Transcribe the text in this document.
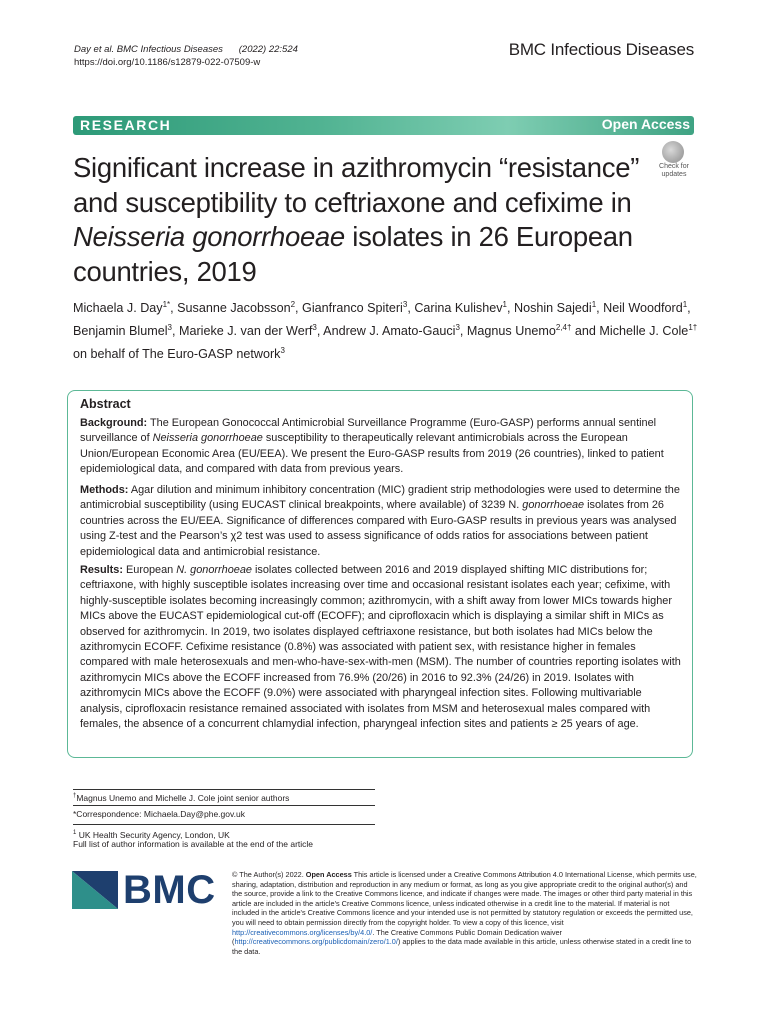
Day et al. BMC Infectious Diseases (2022) 22:524
https://doi.org/10.1186/s12879-022-07509-w
BMC Infectious Diseases
RESEARCH	Open Access
Significant increase in azithromycin “resistance” and susceptibility to ceftriaxone and cefixime in Neisseria gonorrhoeae isolates in 26 European countries, 2019
Check for
updates
Michaela J. Day$^{1*}$, Susanne Jacobsson$^2$, Gianfranco Spiteri$^3$, Carina Kulishev$^1$, Noshin Sajedi$^1$, Neil Woodford$^1$, Benjamin Blumel$^3$, Marieke J. van der Werf$^3$, Andrew J. Amato-Gauci$^3$, Magnus Unemo$^{2,4\dagger}$ and Michelle J. Cole$^{1\dagger}$ on behalf of The Euro-GASP network$^3$
Abstract
Background: The European Gonococcal Antimicrobial Surveillance Programme (Euro-GASP) performs annual sentinel surveillance of Neisseria gonorrhoeae susceptibility to therapeutically relevant antimicrobials across the European Union/European Economic Area (EU/EEA). We present the Euro-GASP results from 2019 (26 countries), linked to patient epidemiological data, and compared with data from previous years.
Methods: Agar dilution and minimum inhibitory concentration (MIC) gradient strip methodologies were used to determine the antimicrobial susceptibility (using EUCAST clinical breakpoints, where available) of 3239 N. gonorrhoeae isolates from 26 countries across the EU/EEA. Significance of differences compared with Euro-GASP results in previous years was analysed using Z-test and the Pearson’s χ2 test was used to assess significance of odds ratios for associations between patient epidemiological data and antimicrobial resistance.
Results: European N. gonorrhoeae isolates collected between 2016 and 2019 displayed shifting MIC distributions for; ceftriaxone, with highly susceptible isolates increasing over time and occasional resistant isolates each year; cefixime, with highly-susceptible isolates becoming increasingly common; azithromycin, with a shift away from lower MICs towards higher MICs above the EUCAST epidemiological cut-off (ECOFF); and ciprofloxacin which is displaying a similar shift in MICs as observed for azithromycin. In 2019, two isolates displayed ceftriaxone resistance, but both isolates had MICs below the azithromycin ECOFF. Cefixime resistance (0.8%) was associated with patient sex, with resistance higher in females compared with male heterosexuals and men-who-have-sex-with-men (MSM). The number of countries reporting isolates with azithromycin MICs above the ECOFF increased from 76.9% (20/26) in 2016 to 92.3% (24/26) in 2019. Isolates with azithromycin MICs above the ECOFF (9.0%) were associated with pharyngeal infection sites. Following multivariable analysis, ciprofloxacin resistance remained associated with isolates from MSM and heterosexual males compared with females, the absence of a concurrent chlamydial infection, pharyngeal infection sites and patients ≥ 25 years of age.
†Magnus Unemo and Michelle J. Cole joint senior authors
*Correspondence: Michaela.Day@phe.gov.uk
$^1$ UK Health Security Agency, London, UK
Full list of author information is available at the end of the article
BMC © The Author(s) 2022. Open Access This article is licensed under a Creative Commons Attribution 4.0 International License, which permits use, sharing, adaptation, distribution and reproduction in any medium or format, as long as you give appropriate credit to the original author(s) and the source, provide a link to the Creative Commons licence, and indicate if changes were made. The images or other third party material in this article are included in the article's Creative Commons licence, unless indicated otherwise in a credit line to the material. If material is not included in the article's Creative Commons licence and your intended use is not permitted by statutory regulation or exceeds the permitted use, you will need to obtain permission directly from the copyright holder. To view a copy of this licence, visit http://creativecommons.org/licenses/by/4.0/. The Creative Commons Public Domain Dedication waiver (http://creativecommons.org/publicdomain/zero/1.0/) applies to the data made available in this article, unless otherwise stated in a credit line to the data.
